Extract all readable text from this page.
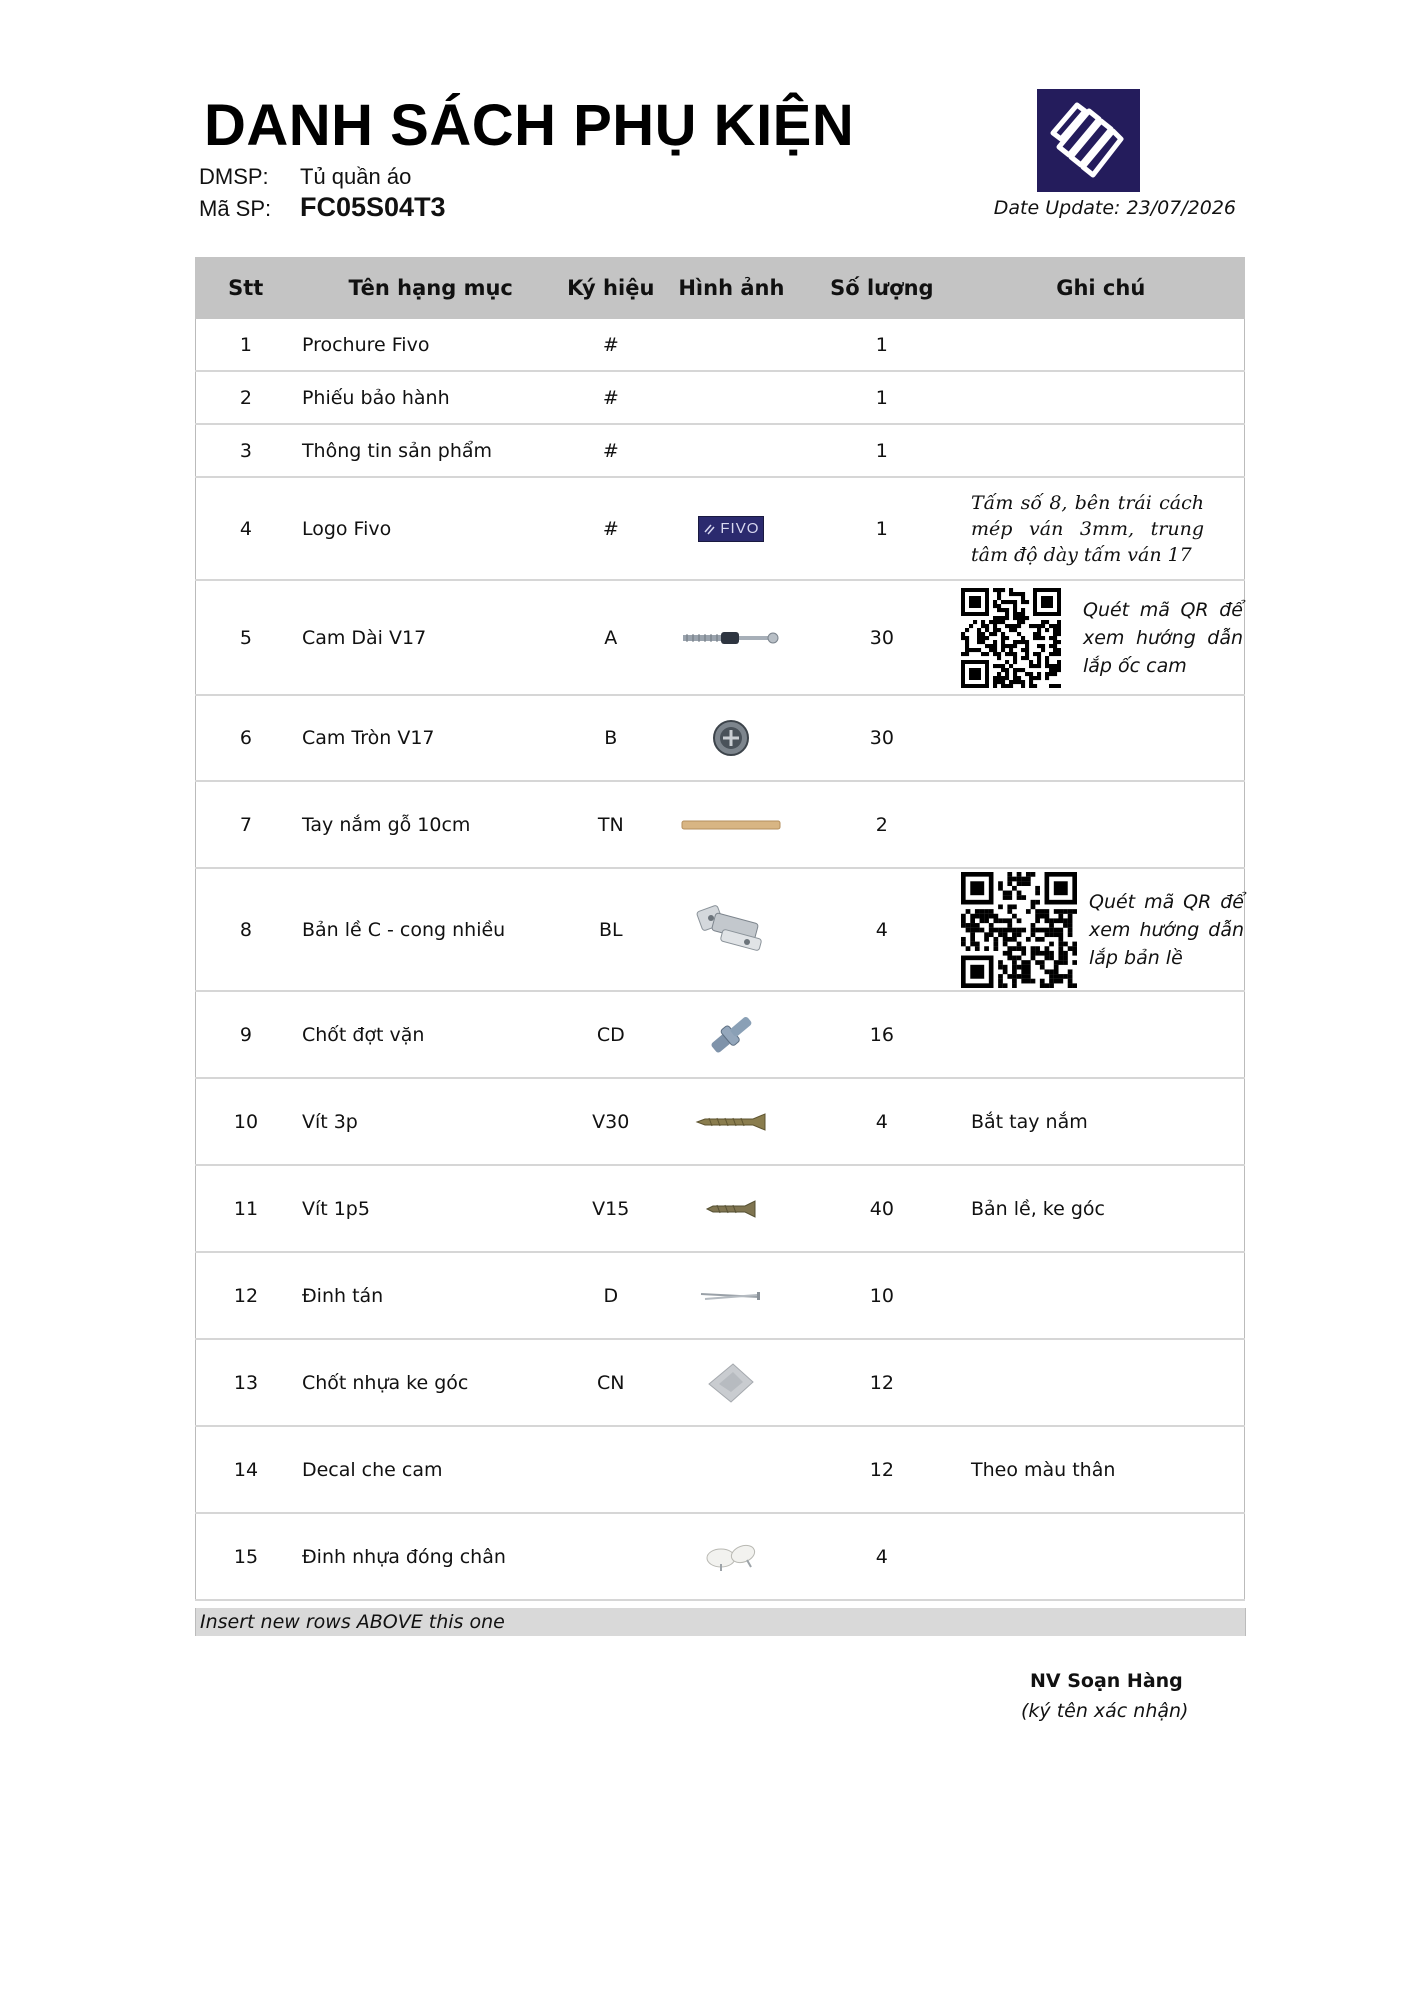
DANH SÁCH PHỤ KIỆN
DMSP: Tủ quần áo
Mã SP: FC05S04T3	Date Update: 23/07/2026
Stt	Tên hạng mục	Ký hiệu	Hình ảnh	Số lượng	Ghi chú
1	Prochure Fivo	#		1	
2	Phiếu bảo hành	#		1	
3	Thông tin sản phẩm	#		1	
4	Logo Fivo	#	FIVO	1	Tấm số 8, bên trái cách mép ván 3mm, trung tâm độ dày tấm ván 17

5	Cam Dài V17	A		30	Quét mã QR để xem hướng dẫn lắp ốc cam

6	Cam Tròn V17	B		30	
7	Tay nắm gỗ 10cm	TN		2	
8	Bản lề C - cong nhiều	BL		4	Quét mã QR để xem hướng dẫn lắp bản lề

9	Chốt đợt vặn	CD		16	
10	Vít 3p	V30		4	Bắt tay nắm
11	Vít 1p5	V15		40	Bản lề, ke góc
12	Đinh tán	D		10	
13	Chốt nhựa ke góc	CN		12	
14	Decal che cam			12	Theo màu thân
15	Đinh nhựa đóng chân			4	
Insert new rows ABOVE this one
NV Soạn Hàng
(ký tên xác nhận)
